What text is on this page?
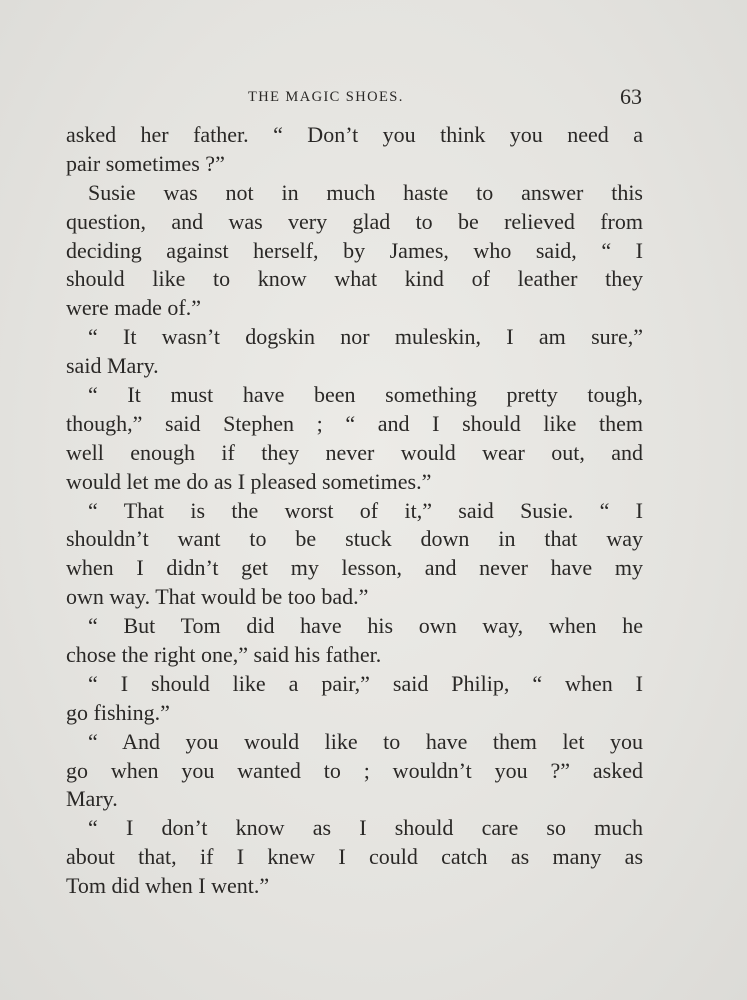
THE MAGIC SHOES.	63
asked her father. “ Don’t you think you need a
pair sometimes ?”
Susie was not in much haste to answer this
question, and was very glad to be relieved from
deciding against herself, by James, who said, “ I
should like to know what kind of leather they
were made of.”
“ It wasn’t dogskin nor muleskin, I am sure,”
said Mary.
“ It must have been something pretty tough,
though,” said Stephen ; “ and I should like them
well enough if they never would wear out, and
would let me do as I pleased sometimes.”
“ That is the worst of it,” said Susie. “ I
shouldn’t want to be stuck down in that way
when I didn’t get my lesson, and never have my
own way. That would be too bad.”
“ But Tom did have his own way, when he
chose the right one,” said his father.
“ I should like a pair,” said Philip, “ when I
go fishing.”
“ And you would like to have them let you
go when you wanted to ; wouldn’t you ?” asked
Mary.
“ I don’t know as I should care so much
about that, if I knew I could catch as many as
Tom did when I went.”
